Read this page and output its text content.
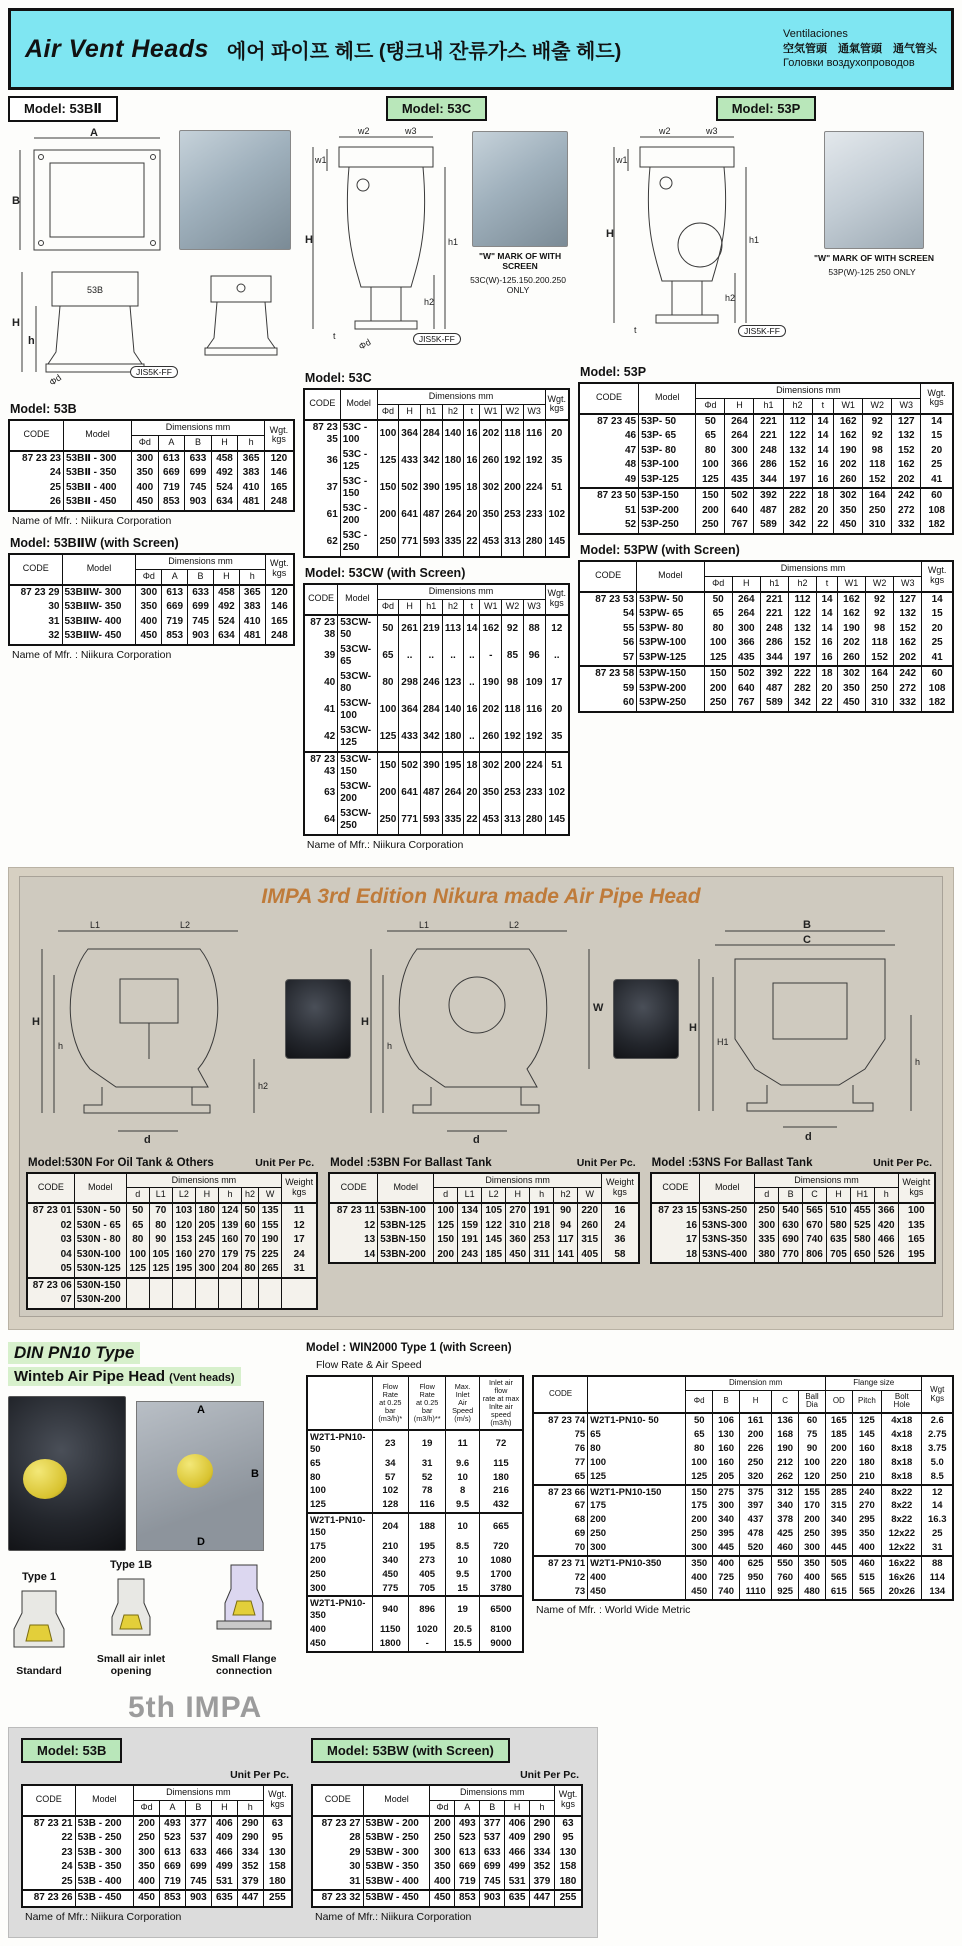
Air Vent Heads 에어 파이프 헤드 (탱크내 잔류가스 배출 헤드)
Ventilaciones
空気管頭　通氣管頭　通气管头
Головки воздухопроводов
Model: 53BⅡ
A
B
53B
H
h
Φd
JIS5K-FF
Model: 53B
CODE	Model	Dimensions mm					Wgt.
kgs
		Φd	A	B	H	h	
87 23 23	53BⅡ - 300	300	613	633	458	365	120
24	53BⅡ - 350	350	669	699	492	383	146
25	53BⅡ - 400	400	719	745	524	410	165
26	53BⅡ - 450	450	853	903	634	481	248
Name of Mfr. : Niikura Corporation
Model: 53BⅡW (with Screen)
CODE	Model	Dimensions mm					Wgt.
kgs
		Φd	A	B	H	h	
87 23 29	53BⅡW- 300	300	613	633	458	365	120
30	53BⅡW- 350	350	669	699	492	383	146
31	53BⅡW- 400	400	719	745	524	410	165
32	53BⅡW- 450	450	853	903	634	481	248
Name of Mfr. : Niikura Corporation
Model: 53C
w2	w3
w1
H	h1
h2
t
Φd	JIS5K-FF
"W" MARK OF WITH SCREEN
53C(W)-125.150.200.250 ONLY
Model: 53C
CODE	Model	Dimensions mm								Wgt.
kgs
		Φd	H	h1	h2	t	W1	W2	W3	
87 23 35	53C - 100	100	364	284	140	16	202	118	116	20
36	53C - 125	125	433	342	180	16	260	192	192	35
37	53C - 150	150	502	390	195	18	302	200	224	51
61	53C - 200	200	641	487	264	20	350	253	233	102
62	53C - 250	250	771	593	335	22	453	313	280	145
Model: 53CW (with Screen)
CODE	Model	Dimensions mm								Wgt.
kgs
		Φd	H	h1	h2	t	W1	W2	W3	
87 23 38	53CW- 50	50	261	219	113	14	162	92	88	12
39	53CW- 65	65	..	..	..	..	-	85	96	..
40	53CW- 80	80	298	246	123	..	190	98	109	17
41	53CW- 100	100	364	284	140	16	202	118	116	20
42	53CW- 125	125	433	342	180	..	260	192	192	35
87 23 43	53CW- 150	150	502	390	195	18	302	200	224	51
63	53CW- 200	200	641	487	264	20	350	253	233	102
64	53CW- 250	250	771	593	335	22	453	313	280	145
Name of Mfr.: Niikura Corporation
Model: 53P
w2	w3
w1
H	h1
h2
t	JIS5K-FF
"W" MARK OF WITH SCREEN
53P(W)-125 250 ONLY
Model: 53P
CODE	Model	Dimensions mm								Wgt.
kgs
		Φd	H	h1	h2	t	W1	W2	W3	
87 23 45	53P- 50	50	264	221	112	14	162	92	127	14
46	53P- 65	65	264	221	122	14	162	92	132	15
47	53P- 80	80	300	248	132	14	190	98	152	20
48	53P-100	100	366	286	152	16	202	118	162	25
49	53P-125	125	435	344	197	16	260	152	202	41
87 23 50	53P-150	150	502	392	222	18	302	164	242	60
51	53P-200	200	640	487	282	20	350	250	272	108
52	53P-250	250	767	589	342	22	450	310	332	182
Model: 53PW (with Screen)
CODE	Model	Dimensions mm								Wgt.
kgs
		Φd	H	h1	h2	t	W1	W2	W3	
87 23 53	53PW- 50	50	264	221	112	14	162	92	127	14
54	53PW- 65	65	264	221	122	14	162	92	132	15
55	53PW- 80	80	300	248	132	14	190	98	152	20
56	53PW-100	100	366	286	152	16	202	118	162	25
57	53PW-125	125	435	344	197	16	260	152	202	41
87 23 58	53PW-150	150	502	392	222	18	302	164	242	60
59	53PW-200	200	640	487	282	20	350	250	272	108
60	53PW-250	250	767	589	342	22	450	310	332	182
IMPA 3rd Edition Nikura made Air Pipe Head
L1	L2
H
h
h2
d
L1	L2
W
H
h
d
B
C
H
H1
h
d
Model:530N For Oil Tank & Others	Unit Per Pc.
CODE	Model	Dimensions mm							Weight
kgs
		d	L1	L2	H	h	h2	W	
87 23 01	530N - 50	50	70	103	180	124	50	135	11
02	530N - 65	65	80	120	205	139	60	155	12
03	530N - 80	80	90	153	245	160	70	190	17
04	530N-100	100	105	160	270	179	75	225	24
05	530N-125	125	125	195	300	204	80	265	31
87 23 06	530N-150								
07	530N-200								
Model :53BN For Ballast Tank	Unit Per Pc.
CODE	Model	Dimensions mm							Weight
kgs
		d	L1	L2	H	h	h2	W	
87 23 11	53BN-100	100	134	105	270	191	90	220	16
12	53BN-125	125	159	122	310	218	94	260	24
13	53BN-150	150	191	145	360	253	117	315	36
14	53BN-200	200	243	185	450	311	141	405	58
Model :53NS For Ballast Tank	Unit Per Pc.
CODE	Model	Dimensions mm						Weight
kgs
		d	B	C	H	H1	h	
87 23 15	53NS-250	250	540	565	510	455	366	100
16	53NS-300	300	630	670	580	525	420	135
17	53NS-350	335	690	740	635	580	466	165
18	53NS-400	380	770	806	705	650	526	195
DIN PN10 Type
Winteb Air Pipe Head (Vent heads)
A
B
D
Type 1
Standard
Type 1B
Small air inlet opening
Small Flange connection
Model : WIN2000 Type 1 (with Screen)
Flow Rate & Air Speed
	Flow Rate
at 0.25 bar
(m3/h)*	Flow Rate
at 0.25 bar
(m3/h)**	Max. Inlet
Air Speed
(m/s)	Inlet air flow
rate at max
Inlte air speed
(m3/h)
W2T1-PN10- 50	23	19	11	72
65	34	31	9.6	115
80	57	52	10	180
100	102	78	8	216
125	128	116	9.5	432
W2T1-PN10- 150	204	188	10	665
175	210	195	8.5	720
200	340	273	10	1080
250	450	405	9.5	1700
300	775	705	15	3780
W2T1-PN10- 350	940	896	19	6500
400	1150	1020	20.5	8100
450	1800	-	15.5	9000
CODE		Dimension mm					Flange size			Wgt
Kgs
		Φd	B	H	C	Ball
Dia	OD	Pitch	Bolt
Hole	
87 23 74	W2T1-PN10- 50	50	106	161	136	60	165	125	4x18	2.6
75	65	65	130	200	168	75	185	145	4x18	2.75
76	80	80	160	226	190	90	200	160	8x18	3.75
77	100	100	160	250	212	100	220	180	8x18	5.0
65	125	125	205	320	262	120	250	210	8x18	8.5
87 23 66	W2T1-PN10-150	150	275	375	312	155	285	240	8x22	12
67	175	175	300	397	340	170	315	270	8x22	14
68	200	200	340	437	378	200	340	295	8x22	16.3
69	250	250	395	478	425	250	395	350	12x22	25
70	300	300	445	520	460	300	445	400	12x22	31
87 23 71	W2T1-PN10-350	350	400	625	550	350	505	460	16x22	88
72	400	400	725	950	760	400	565	515	16x26	114
73	450	450	740	1110	925	480	615	565	20x26	134
Name of Mfr. : World Wide Metric
5th IMPA
Model: 53B
Unit Per Pc.
CODE	Model	Dimensions mm					Wgt.
kgs
		Φd	A	B	H	h	
87 23 21	53B - 200	200	493	377	406	290	63
22	53B - 250	250	523	537	409	290	95
23	53B - 300	300	613	633	466	334	130
24	53B - 350	350	669	699	499	352	158
25	53B - 400	400	719	745	531	379	180
87 23 26	53B - 450	450	853	903	635	447	255
Name of Mfr.: Niikura Corporation
Model: 53BW (with Screen)
Unit Per Pc.
CODE	Model	Dimensions mm					Wgt.
kgs
		Φd	A	B	H	h	
87 23 27	53BW - 200	200	493	377	406	290	63
28	53BW - 250	250	523	537	409	290	95
29	53BW - 300	300	613	633	466	334	130
30	53BW - 350	350	669	699	499	352	158
31	53BW - 400	400	719	745	531	379	180
87 23 32	53BW - 450	450	853	903	635	447	255
Name of Mfr.: Niikura Corporation
